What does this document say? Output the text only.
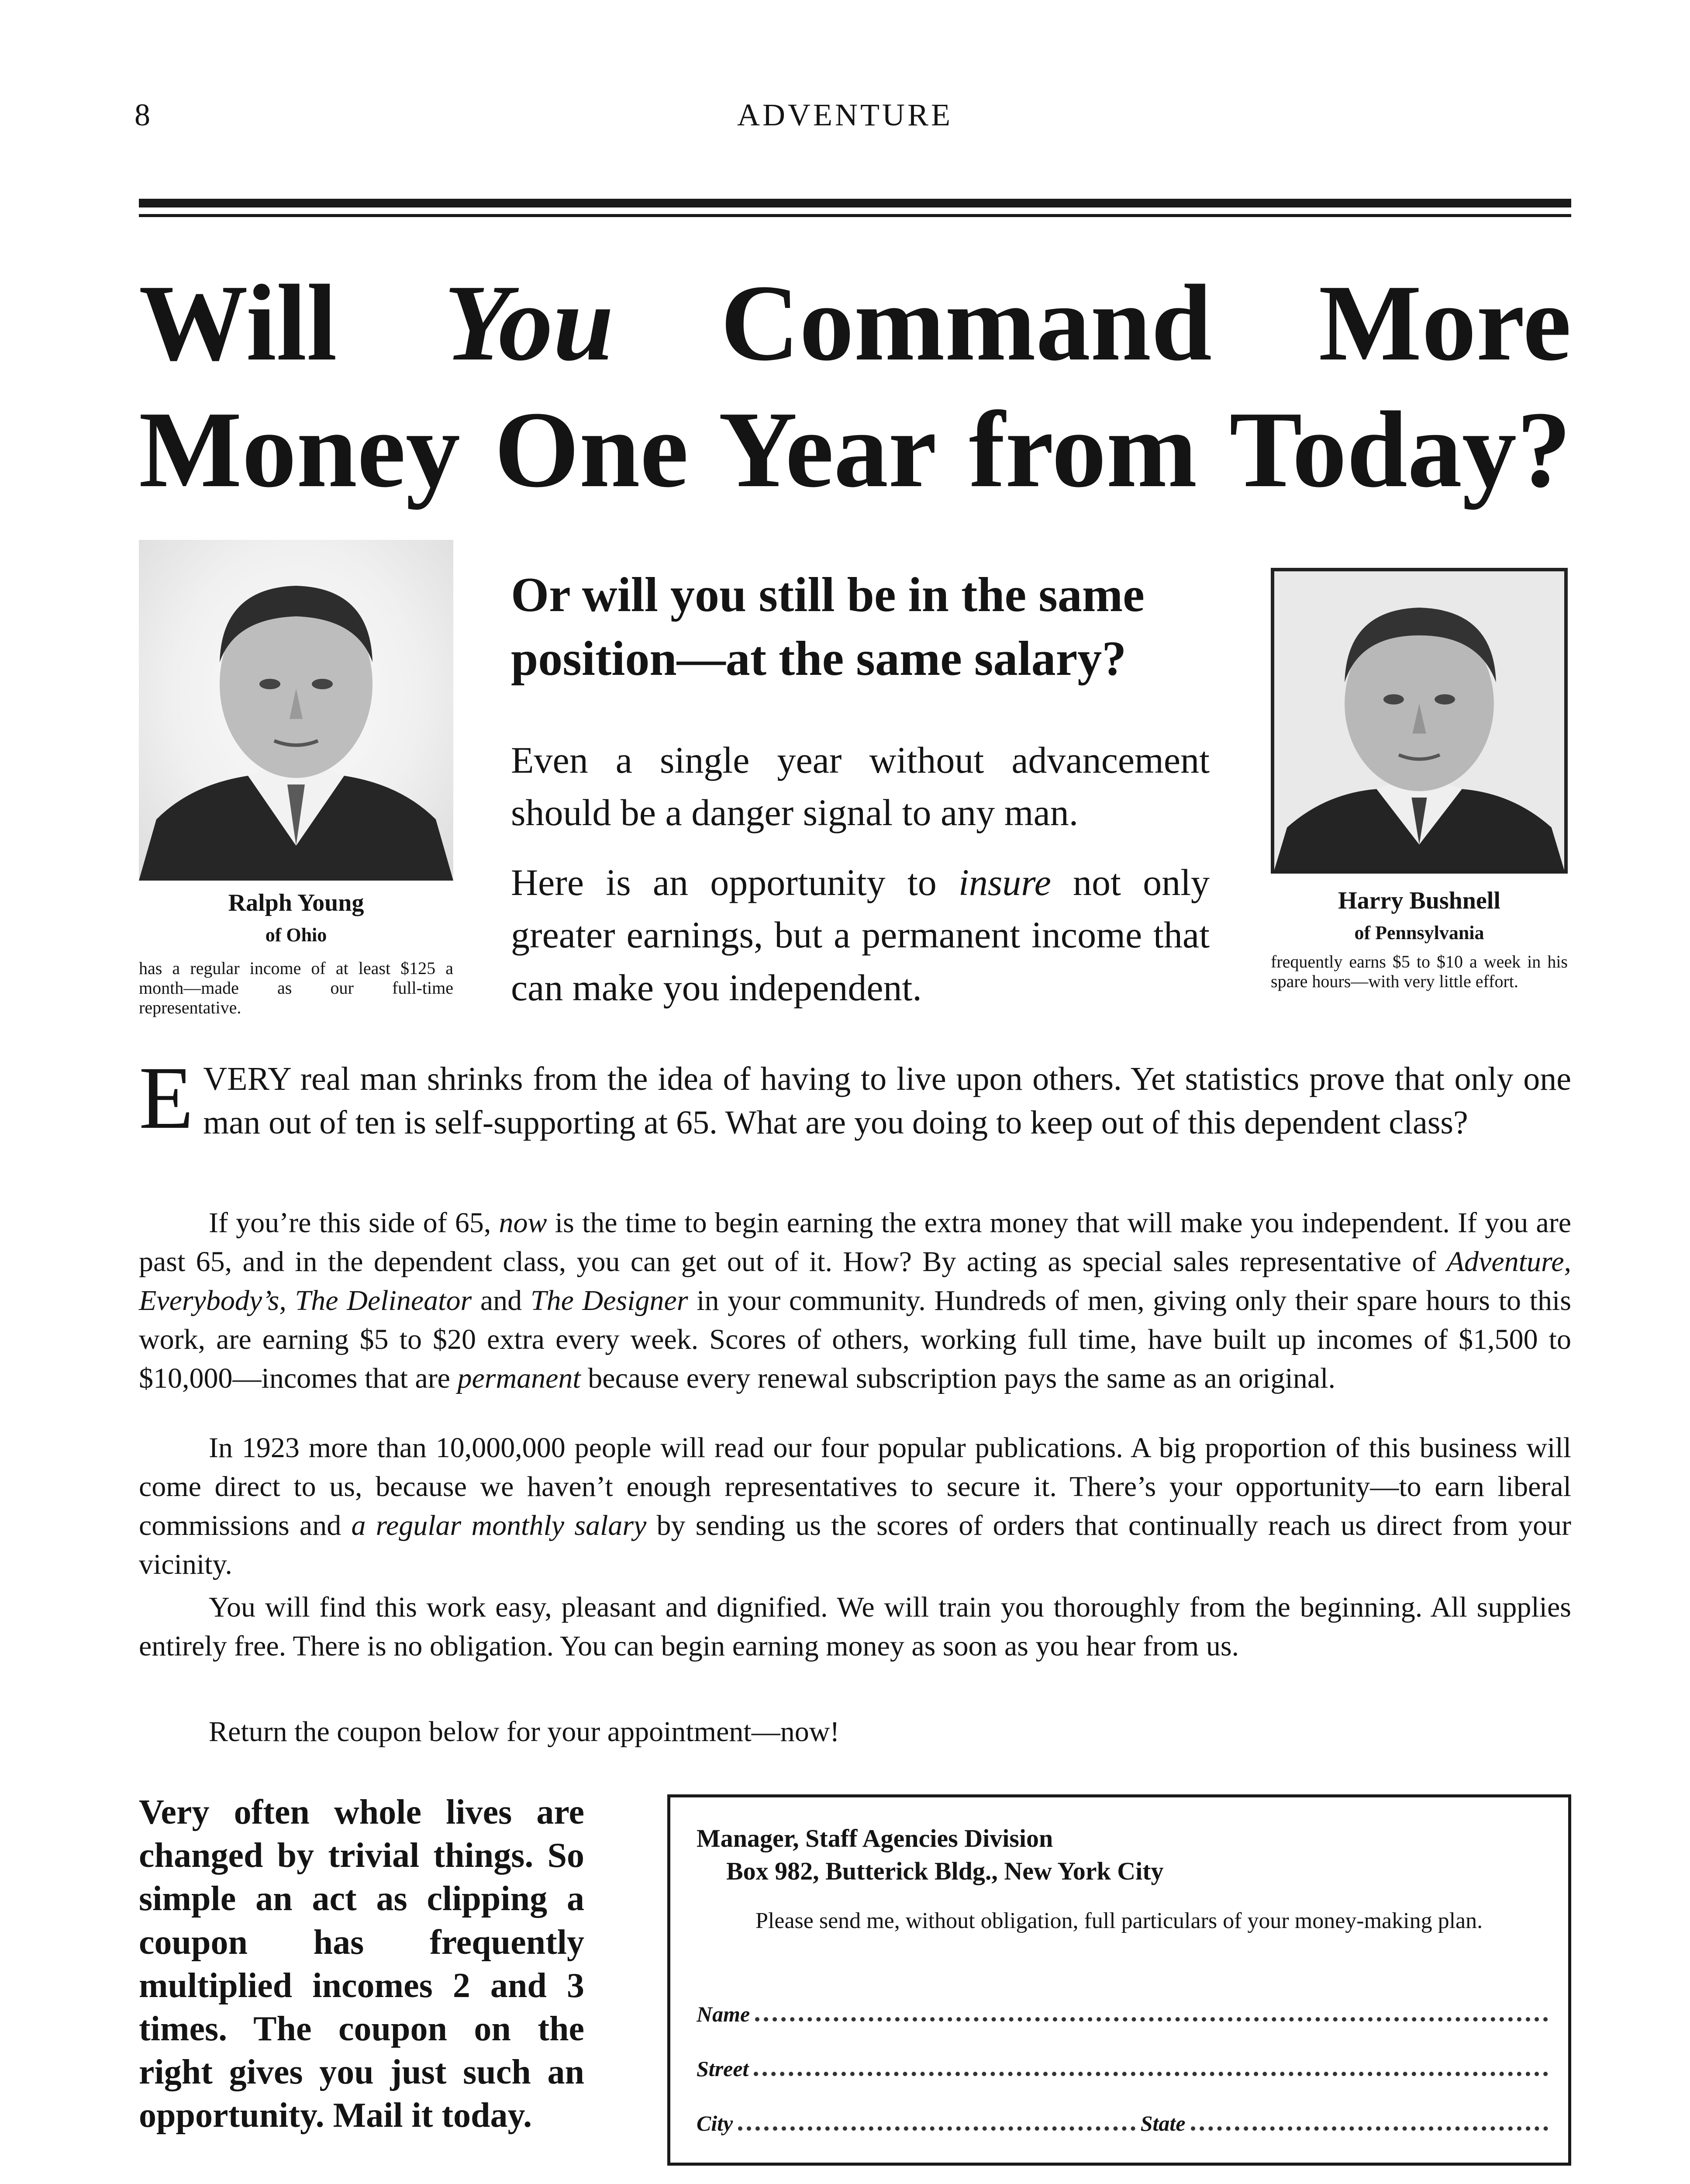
8	ADVENTURE
Will You Command More
Money One Year from Today?
Ralph Young
of Ohio
has a regular income of at least $125 a month—made as our full-time representative.
Or will you still be in the same position—at the same salary?
Even a single year without advancement should be a danger signal to any man.
Here is an opportunity to insure not only greater earnings, but a permanent income that can make you independent.
Harry Bushnell
of Pennsylvania
frequently earns $5 to $10 a week in his spare hours—with very little effort.
EVERY real man shrinks from the idea of having to live upon others. Yet statistics prove that only one man out of ten is self-supporting at 65. What are you doing to keep out of this dependent class?

If you’re this side of 65, now is the time to begin earning the extra money that will make you independent. If you are past 65, and in the dependent class, you can get out of it. How? By acting as special sales representative of Adventure, Everybody’s, The Delineator and The Designer in your community. Hundreds of men, giving only their spare hours to this work, are earning $5 to $20 extra every week. Scores of others, working full time, have built up incomes of $1,500 to $10,000—incomes that are permanent because every renewal subscription pays the same as an original.

In 1923 more than 10,000,000 people will read our four popular publications. A big proportion of this business will come direct to us, because we haven’t enough representatives to secure it. There’s your opportunity—to earn liberal commissions and a regular monthly salary by sending us the scores of orders that continually reach us direct from your vicinity.

You will find this work easy, pleasant and dignified. We will train you thoroughly from the beginning. All supplies entirely free. There is no obligation. You can begin earning money as soon as you hear from us.

Return the coupon below for your appointment—now!

Very often whole lives are changed by trivial things. So simple an act as clipping a coupon has frequently multiplied incomes 2 and 3 times. The coupon on the right gives you just such an opportunity. Mail it today.
Manager, Staff Agencies Division
Box 982, Butterick Bldg., New York City
Please send me, without obligation, full particulars of your money-making plan.
Name
Street
City	State
